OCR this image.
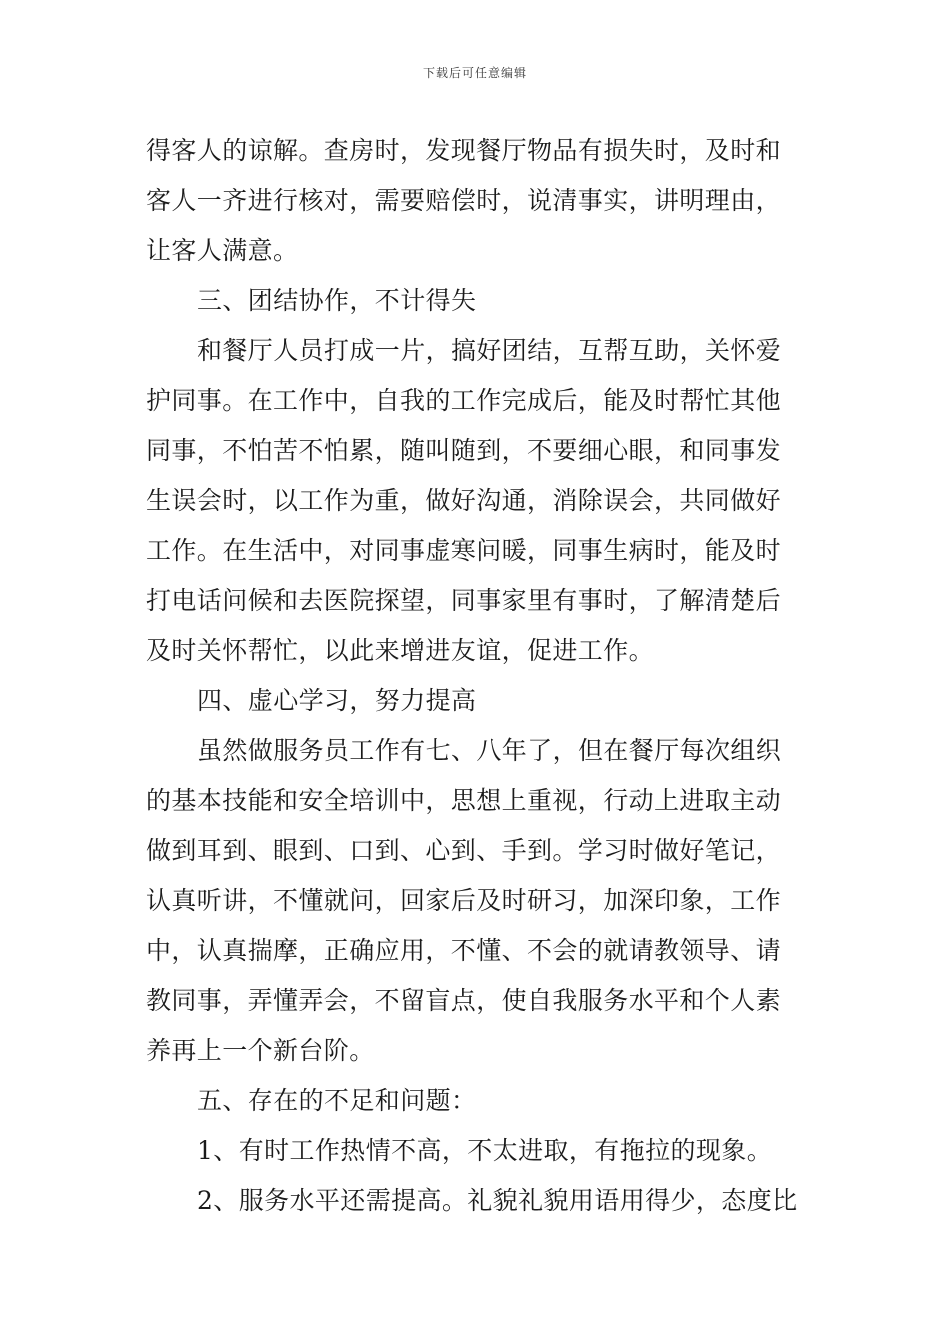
下载后可任意编辑
得客人的谅解。查房时，发现餐厅物品有损失时，及时和
客人一齐进行核对，需要赔偿时，说清事实，讲明理由，
让客人满意。
三、团结协作，不计得失
和餐厅人员打成一片，搞好团结，互帮互助，关怀爱
护同事。在工作中，自我的工作完成后，能及时帮忙其他
同事，不怕苦不怕累，随叫随到，不要细心眼，和同事发
生误会时，以工作为重，做好沟通，消除误会，共同做好
工作。在生活中，对同事虚寒问暖，同事生病时，能及时
打电话问候和去医院探望，同事家里有事时，了解清楚后
及时关怀帮忙，以此来增进友谊，促进工作。
四、虚心学习，努力提高
虽然做服务员工作有七、八年了，但在餐厅每次组织
的基本技能和安全培训中，思想上重视，行动上进取主动
做到耳到、眼到、口到、心到、手到。学习时做好笔记，
认真听讲，不懂就问，回家后及时研习，加深印象，工作
中，认真揣摩，正确应用，不懂、不会的就请教领导、请
教同事，弄懂弄会，不留盲点，使自我服务水平和个人素
养再上一个新台阶。
五、存在的不足和问题：
1、有时工作热情不高，不太进取，有拖拉的现象。
2、服务水平还需提高。礼貌礼貌用语用得少，态度比
